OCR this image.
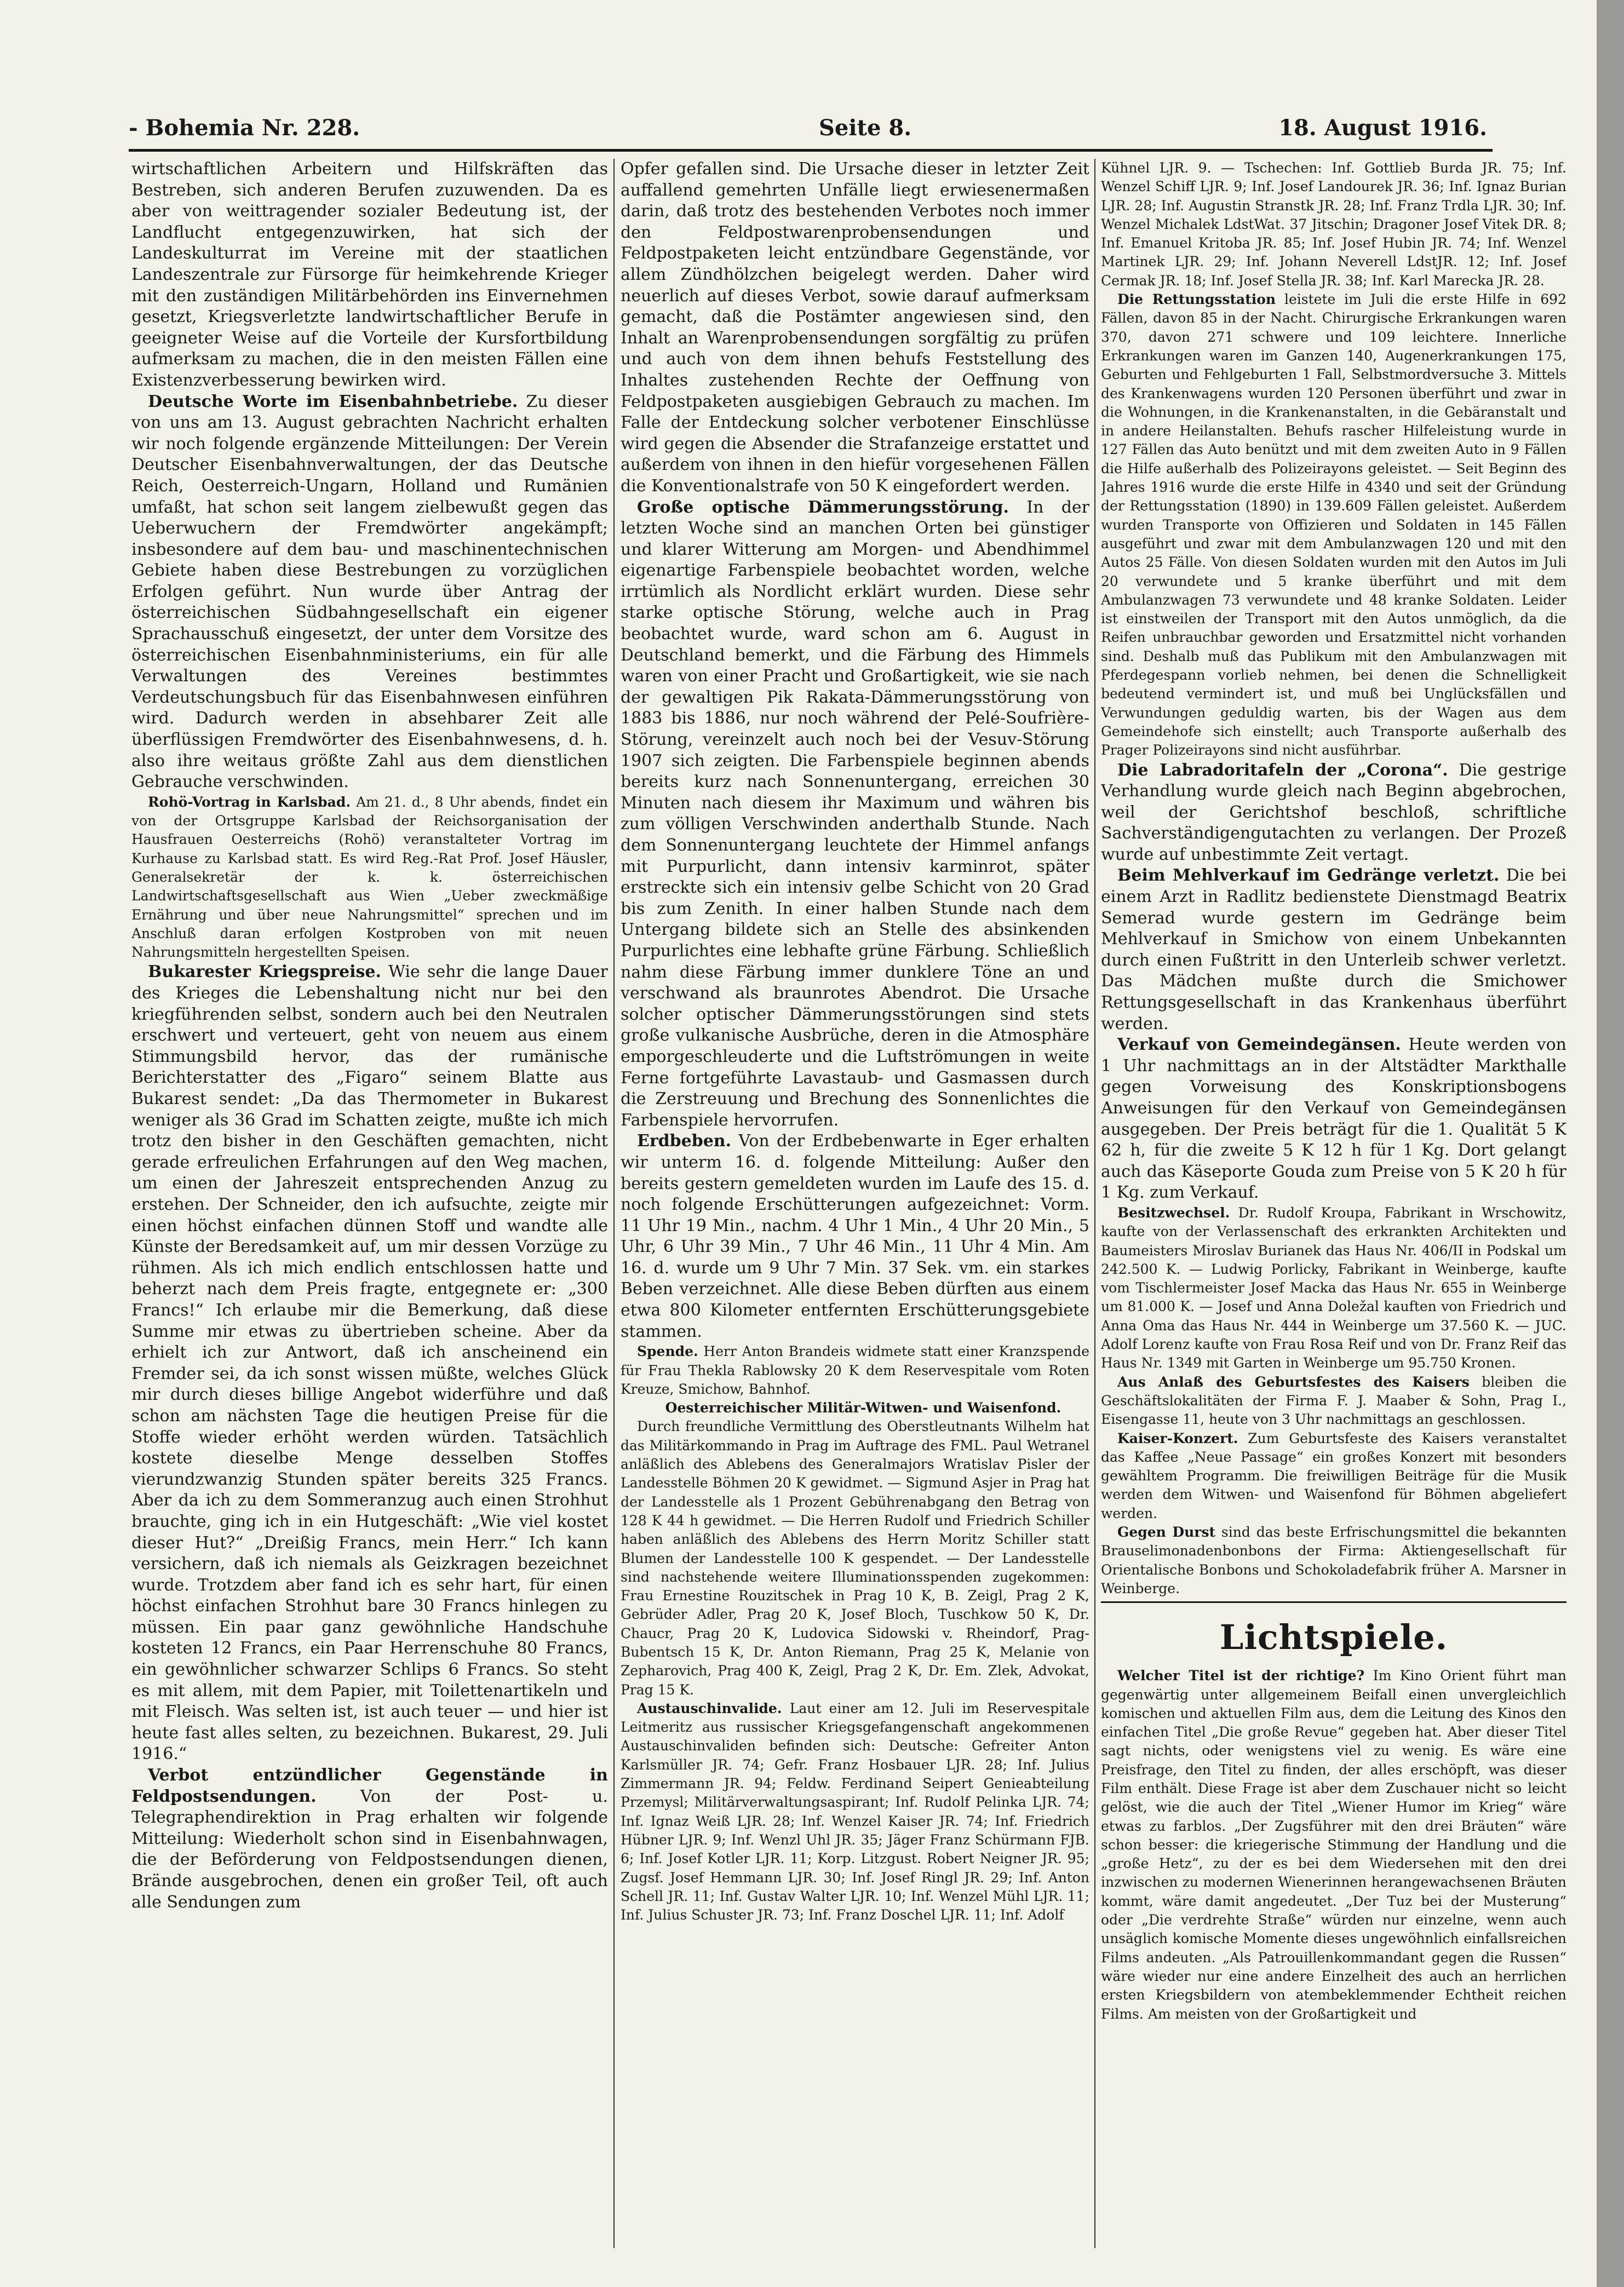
- Bohemia Nr. 228.	Seite 8.	18. August 1916.

wirtschaftlichen Arbeitern und Hilfskräften das Bestreben, sich anderen Berufen zuzuwenden. Da es aber von weittragender sozialer Bedeutung ist, der Landflucht entgegenzuwirken, hat sich der Landeskulturrat im Vereine mit der staatlichen Landeszentrale zur Fürsorge für heimkehrende Krieger mit den zuständigen Militärbehörden ins Einvernehmen gesetzt, Kriegsverletzte landwirtschaftlicher Berufe in geeigneter Weise auf die Vorteile der Kursfortbildung aufmerksam zu machen, die in den meisten Fällen eine Existenzverbesserung bewirken wird.

Deutsche Worte im Eisenbahnbetriebe. Zu dieser von uns am 13. August gebrachten Nachricht erhalten wir noch folgende ergänzende Mitteilungen: Der Verein Deutscher Eisenbahnverwaltungen, der das Deutsche Reich, Oesterreich-Ungarn, Holland und Rumänien umfaßt, hat schon seit langem zielbewußt gegen das Ueberwuchern der Fremdwörter angekämpft; insbesondere auf dem bau- und maschinentechnischen Gebiete haben diese Bestrebungen zu vorzüglichen Erfolgen geführt. Nun wurde über Antrag der österreichischen Südbahngesellschaft ein eigener Sprachausschuß eingesetzt, der unter dem Vorsitze des österreichischen Eisenbahnministeriums, ein für alle Verwaltungen des Vereines bestimmtes Verdeutschungsbuch für das Eisenbahnwesen einführen wird. Dadurch werden in absehbarer Zeit alle überflüssigen Fremdwörter des Eisenbahnwesens, d. h. also ihre weitaus größte Zahl aus dem dienstlichen Gebrauche verschwinden.

Rohö-Vortrag in Karlsbad. Am 21. d., 8 Uhr abends, findet ein von der Ortsgruppe Karlsbad der Reichsorganisation der Hausfrauen Oesterreichs (Rohö) veranstalteter Vortrag im Kurhause zu Karlsbad statt. Es wird Reg.-Rat Prof. Josef Häusler, Generalsekretär der k. k. österreichischen Landwirtschaftsgesellschaft aus Wien „Ueber zweckmäßige Ernährung und über neue Nahrungsmittel“ sprechen und im Anschluß daran erfolgen Kostproben von mit neuen Nahrungsmitteln hergestellten Speisen.

Bukarester Kriegspreise. Wie sehr die lange Dauer des Krieges die Lebenshaltung nicht nur bei den kriegführenden selbst, sondern auch bei den Neutralen erschwert und verteuert, geht von neuem aus einem Stimmungsbild hervor, das der rumänische Berichterstatter des „Figaro“ seinem Blatte aus Bukarest sendet: „Da das Thermometer in Bukarest weniger als 36 Grad im Schatten zeigte, mußte ich mich trotz den bisher in den Geschäften gemachten, nicht gerade erfreulichen Erfahrungen auf den Weg machen, um einen der Jahreszeit entsprechenden Anzug zu erstehen. Der Schneider, den ich aufsuchte, zeigte mir einen höchst einfachen dünnen Stoff und wandte alle Künste der Beredsamkeit auf, um mir dessen Vorzüge zu rühmen. Als ich mich endlich entschlossen hatte und beherzt nach dem Preis fragte, entgegnete er: „300 Francs!“ Ich erlaube mir die Bemerkung, daß diese Summe mir etwas zu übertrieben scheine. Aber da erhielt ich zur Antwort, daß ich anscheinend ein Fremder sei, da ich sonst wissen müßte, welches Glück mir durch dieses billige Angebot widerführe und daß schon am nächsten Tage die heutigen Preise für die Stoffe wieder erhöht werden würden. Tatsächlich kostete dieselbe Menge desselben Stoffes vierundzwanzig Stunden später bereits 325 Francs. Aber da ich zu dem Sommeranzug auch einen Strohhut brauchte, ging ich in ein Hutgeschäft: „Wie viel kostet dieser Hut?“ „Dreißig Francs, mein Herr.“ Ich kann versichern, daß ich niemals als Geizkragen bezeichnet wurde. Trotzdem aber fand ich es sehr hart, für einen höchst einfachen Strohhut bare 30 Francs hinlegen zu müssen. Ein paar ganz gewöhnliche Handschuhe kosteten 12 Francs, ein Paar Herrenschuhe 80 Francs, ein gewöhnlicher schwarzer Schlips 6 Francs. So steht es mit allem, mit dem Papier, mit Toilettenartikeln und mit Fleisch. Was selten ist, ist auch teuer — und hier ist heute fast alles selten, zu bezeichnen. Bukarest, 29. Juli 1916.“

Verbot entzündlicher Gegenstände in Feldpostsendungen.	Von der Post- u. Telegraphendirektion in Prag erhalten wir folgende Mitteilung: Wiederholt schon sind in Eisenbahnwagen, die der Beförderung von Feldpostsendungen dienen, Brände ausgebrochen, denen ein großer Teil, oft auch alle Sendungen zum

Opfer gefallen sind. Die Ursache dieser in letzter Zeit auffallend gemehrten Unfälle liegt erwiesenermaßen darin, daß trotz des bestehenden Verbotes noch immer den Feldpostwarenprobensendungen und Feldpostpaketen leicht entzündbare Gegenstände, vor allem Zündhölzchen beigelegt werden. Daher wird neuerlich auf dieses Verbot, sowie darauf aufmerksam gemacht, daß die Postämter angewiesen sind, den Inhalt an Warenprobensendungen sorgfältig zu prüfen und auch von dem ihnen behufs Feststellung des Inhaltes zustehenden Rechte der Oeffnung von Feldpostpaketen ausgiebigen Gebrauch zu machen. Im Falle der Entdeckung solcher verbotener Einschlüsse wird gegen die Absender die Strafanzeige erstattet und außerdem von ihnen in den hiefür vorgesehenen Fällen die Konventionalstrafe von 50 K eingefordert werden.

Große optische Dämmerungsstörung. In der letzten Woche sind an manchen Orten bei günstiger und klarer Witterung am Morgen- und Abendhimmel eigenartige Farbenspiele beobachtet worden, welche irrtümlich als Nordlicht erklärt wurden. Diese sehr starke optische Störung, welche auch in Prag beobachtet wurde, ward schon am 6. August in Deutschland bemerkt, und die Färbung des Himmels waren von einer Pracht und Großartigkeit, wie sie nach der gewaltigen Pik Rakata-Dämmerungsstörung von 1883 bis 1886, nur noch während der Pelé-Soufrière-Störung, vereinzelt auch noch bei der Vesuv-Störung 1907 sich zeigten. Die Farbenspiele beginnen abends bereits kurz nach Sonnenuntergang, erreichen 30 Minuten nach diesem ihr Maximum und währen bis zum völligen Verschwinden anderthalb Stunde. Nach dem Sonnenuntergang leuchtete der Himmel anfangs mit Purpurlicht, dann intensiv karminrot, später erstreckte sich ein intensiv gelbe Schicht von 20 Grad bis zum Zenith. In einer halben Stunde nach dem Untergang bildete sich an Stelle des absinkenden Purpurlichtes eine lebhafte grüne Färbung. Schließlich nahm diese Färbung immer dunklere Töne an und verschwand als braunrotes Abendrot. Die Ursache solcher optischer Dämmerungsstörungen sind stets große vulkanische Ausbrüche, deren in die Atmosphäre emporgeschleuderte und die Luftströmungen in weite Ferne fortgeführte Lavastaub- und Gasmassen durch die Zerstreuung und Brechung des Sonnenlichtes die Farbenspiele hervorrufen.

Erdbeben. Von der Erdbebenwarte in Eger erhalten wir unterm 16. d. folgende Mitteilung: Außer den bereits gestern gemeldeten wurden im Laufe des 15. d. noch folgende Erschütterungen aufgezeichnet: Vorm. 11 Uhr 19 Min., nachm. 4 Uhr 1 Min., 4 Uhr 20 Min., 5 Uhr, 6 Uhr 39 Min., 7 Uhr 46 Min., 11 Uhr 4 Min. Am 16. d. wurde um 9 Uhr 7 Min. 37 Sek. vm. ein starkes Beben verzeichnet. Alle diese Beben dürften aus einem etwa 800 Kilometer entfernten Erschütterungsgebiete stammen.

Spende. Herr Anton Brandeis widmete statt einer Kranzspende für Frau Thekla Rablowsky 20 K dem Reservespitale vom Roten Kreuze, Smichow, Bahnhof.

Oesterreichischer Militär-Witwen- und Waisenfond.

Durch freundliche Vermittlung des Oberstleutnants Wilhelm hat das Militärkommando in Prag im Auftrage des FML. Paul Wetranel anläßlich des Ablebens des Generalmajors Wratislav Pisler der Landesstelle Böhmen 20 K gewidmet. — Sigmund Asjer in Prag hat der Landesstelle als 1 Prozent Gebührenabgang den Betrag von 128 K 44 h gewidmet. — Die Herren Rudolf und Friedrich Schiller haben anläßlich des Ablebens des Herrn Moritz Schiller statt Blumen der Landesstelle 100 K gespendet. — Der Landesstelle sind nachstehende weitere Illuminationsspenden zugekommen: Frau Ernestine Rouzitschek in Prag 10 K, B. Zeigl, Prag 2 K, Gebrüder Adler, Prag 20 K, Josef Bloch, Tuschkow 50 K, Dr. Chaucr, Prag 20 K, Ludovica Sidowski v. Rheindorf, Prag-Bubentsch 15 K, Dr. Anton Riemann, Prag 25 K, Melanie von Zepharovich, Prag 400 K, Zeigl, Prag 2 K, Dr. Em. Zlek, Advokat, Prag 15 K.

Austauschinvalide. Laut einer am 12. Juli im Reservespitale Leitmeritz aus russischer Kriegsgefangenschaft angekommenen Austauschinvaliden befinden sich: Deutsche: Gefreiter Anton Karlsmüller JR. 74; Gefr. Franz Hosbauer LJR. 28; Inf. Julius Zimmermann JR. 94; Feldw. Ferdinand Seipert Genieabteilung Przemysl; Militärverwaltungsaspirant; Inf. Rudolf Pelinka LJR. 74; Inf. Ignaz Weiß LJR. 28; Inf. Wenzel Kaiser JR. 74; Inf. Friedrich Hübner LJR. 9; Inf. Wenzl Uhl JR. 35; Jäger Franz Schürmann FJB. 6; Inf. Josef Kotler LJR. 11; Korp. Litzgust. Robert Neigner JR. 95; Zugsf. Josef Hemmann LJR. 30; Inf. Josef Ringl JR. 29; Inf. Anton Schell JR. 11; Inf. Gustav Walter LJR. 10; Inf. Wenzel Mühl LJR. 11; Inf. Julius Schuster JR. 73; Inf. Franz Doschel LJR. 11; Inf. Adolf

Kühnel LJR. 9. — Tschechen: Inf. Gottlieb Burda JR. 75; Inf. Wenzel Schiff LJR. 9; Inf. Josef Landourek JR. 36; Inf. Ignaz Burian LJR. 28; Inf. Augustin Stranstk JR. 28; Inf. Franz Trdla LJR. 30; Inf. Wenzel Michalek LdstWat. 37 Jitschin; Dragoner Josef Vitek DR. 8; Inf. Emanuel Kritoba JR. 85; Inf. Josef Hubin JR. 74; Inf. Wenzel Martinek LJR. 29; Inf. Johann Neverell LdstJR. 12; Inf. Josef Cermak JR. 18; Inf. Josef Stella JR. 38; Inf. Karl Marecka JR. 28.

Die Rettungsstation leistete im Juli die erste Hilfe in 692 Fällen, davon 85 in der Nacht. Chirurgische Erkrankungen waren 370, davon 271 schwere und 109 leichtere. Innerliche Erkrankungen waren im Ganzen 140, Augenerkrankungen 175, Geburten und Fehlgeburten 1 Fall, Selbstmordversuche 3. Mittels des Krankenwagens wurden 120 Personen überführt und zwar in die Wohnungen, in die Krankenanstalten, in die Gebäranstalt und in andere Heilanstalten. Behufs rascher Hilfeleistung wurde in 127 Fällen das Auto benützt und mit dem zweiten Auto in 9 Fällen die Hilfe außerhalb des Polizeirayons geleistet. — Seit Beginn des Jahres 1916 wurde die erste Hilfe in 4340 und seit der Gründung der Rettungsstation (1890) in 139.609 Fällen geleistet. Außerdem wurden Transporte von Offizieren und Soldaten in 145 Fällen ausgeführt und zwar mit dem Ambulanzwagen 120 und mit den Autos 25 Fälle. Von diesen Soldaten wurden mit den Autos im Juli 20 verwundete und 5 kranke überführt und mit dem Ambulanzwagen 73 verwundete und 48 kranke Soldaten. Leider ist einstweilen der Transport mit den Autos unmöglich, da die Reifen unbrauchbar geworden und Ersatzmittel nicht vorhanden sind. Deshalb muß das Publikum mit den Ambulanzwagen mit Pferdegespann vorlieb nehmen, bei denen die Schnelligkeit bedeutend vermindert ist, und muß bei Unglücksfällen und Verwundungen geduldig warten, bis der Wagen aus dem Gemeindehofe sich einstellt; auch Transporte außerhalb des Prager Polizeirayons sind nicht ausführbar.

Die Labradoritafeln der „Corona“. Die gestrige Verhandlung wurde gleich nach Beginn abgebrochen, weil der Gerichtshof beschloß, schriftliche Sachverständigengutachten zu verlangen. Der Prozeß wurde auf unbestimmte Zeit vertagt.

Beim Mehlverkauf im Gedränge verletzt. Die bei einem Arzt in Radlitz bedienstete Dienstmagd Beatrix Semerad wurde gestern im Gedränge beim Mehlverkauf in Smichow von einem Unbekannten durch einen Fußtritt in den Unterleib schwer verletzt. Das Mädchen mußte durch die Smichower Rettungsgesellschaft in das Krankenhaus überführt werden.

Verkauf von Gemeindegänsen. Heute werden von 1 Uhr nachmittags an in der Altstädter Markthalle gegen Vorweisung des Konskriptionsbogens Anweisungen für den Verkauf von Gemeindegänsen ausgegeben. Der Preis beträgt für die 1. Qualität 5 K 62 h, für die zweite 5 K 12 h für 1 Kg. Dort gelangt auch das Käseporte Gouda zum Preise von 5 K 20 h für 1 Kg. zum Verkauf.

Besitzwechsel. Dr. Rudolf Kroupa, Fabrikant in Wrschowitz, kaufte von der Verlassenschaft des erkrankten Architekten und Baumeisters Miroslav Burianek das Haus Nr. 406/II in Podskal um 242.500 K. — Ludwig Porlicky, Fabrikant in Weinberge, kaufte vom Tischlermeister Josef Macka das Haus Nr. 655 in Weinberge um 81.000 K. — Josef und Anna Doležal kauften von Friedrich und Anna Oma das Haus Nr. 444 in Weinberge um 37.560 K. — JUC. Adolf Lorenz kaufte von Frau Rosa Reif und von Dr. Franz Reif das Haus Nr. 1349 mit Garten in Weinberge um 95.750 Kronen.

Aus Anlaß des Geburtsfestes des Kaisers bleiben die Geschäftslokalitäten der Firma F. J. Maaber & Sohn, Prag I., Eisengasse 11, heute von 3 Uhr nachmittags an geschlossen.

Kaiser-Konzert. Zum Geburtsfeste des Kaisers veranstaltet das Kaffee „Neue Passage“ ein großes Konzert mit besonders gewähltem Programm. Die freiwilligen Beiträge für die Musik werden dem Witwen- und Waisenfond für Böhmen abgeliefert werden.

Gegen Durst sind das beste Erfrischungsmittel die bekannten Brauselimonadenbonbons der Firma: Aktiengesellschaft für Orientalische Bonbons und Schokoladefabrik früher A. Marsner in Weinberge.

Lichtspiele.

Welcher Titel ist der richtige? Im Kino Orient führt man gegenwärtig unter allgemeinem Beifall einen unvergleichlich komischen und aktuellen Film aus, dem die Leitung des Kinos den einfachen Titel „Die große Revue“ gegeben hat. Aber dieser Titel sagt nichts, oder wenigstens viel zu wenig. Es wäre eine Preisfrage, den Titel zu finden, der alles erschöpft, was dieser Film enthält. Diese Frage ist aber dem Zuschauer nicht so leicht gelöst, wie die auch der Titel „Wiener Humor im Krieg“ wäre etwas zu farblos. „Der Zugsführer mit den drei Bräuten“ wäre schon besser: die kriegerische Stimmung der Handlung und die „große Hetz“, zu der es bei dem Wiedersehen mit den drei inzwischen zu modernen Wienerinnen herangewachsenen Bräuten kommt, wäre damit angedeutet. „Der Tuz bei der Musterung“ oder „Die verdrehte Straße“ würden nur einzelne, wenn auch unsäglich komische Momente dieses ungewöhnlich einfallsreichen Films andeuten. „Als Patrouillenkommandant gegen die Russen“ wäre wieder nur eine andere Einzelheit des auch an herrlichen ersten Kriegsbildern von atembeklemmender Echtheit reichen Films. Am meisten von der Großartigkeit und
